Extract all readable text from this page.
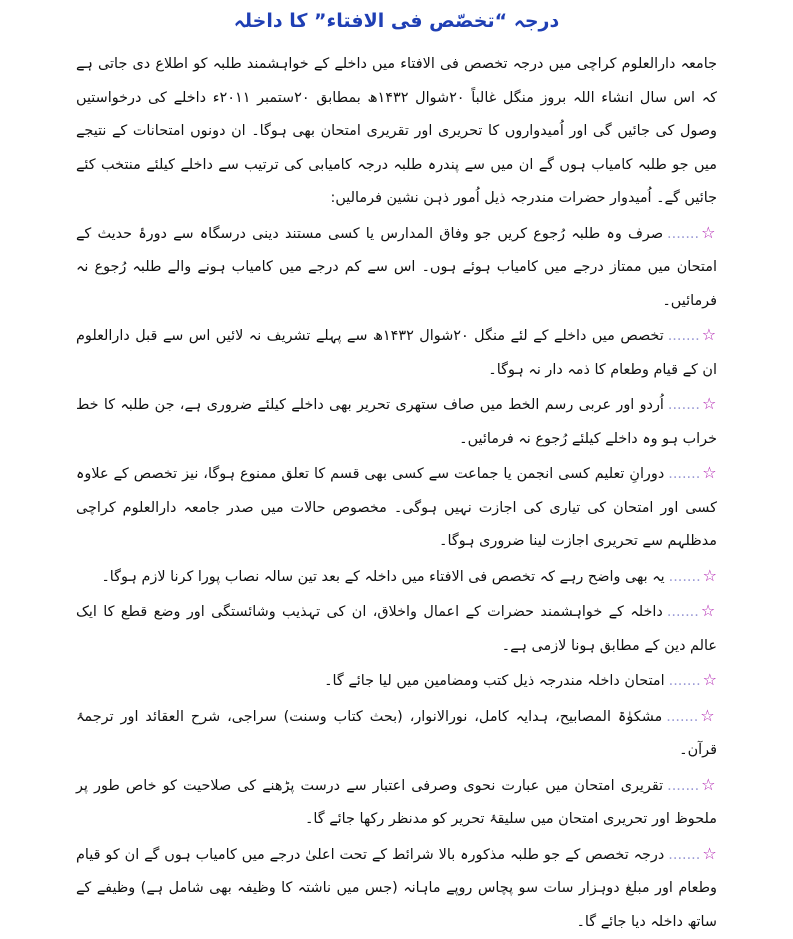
درجہ “تخصّص فی الافتاء” کا داخلہ

جامعہ دارالعلوم کراچی میں درجہ تخصص فی الافتاء میں داخلے کے خواہشمند طلبہ کو اطلاع دی جاتی ہے کہ اس سال انشاء اللہ بروز منگل غالباً ۲۰شوال ۱۴۳۲ھ بمطابق ۲۰ستمبر ۲۰۱۱ء داخلے کی درخواستیں وصول کی جائیں گی اور اُمیدواروں کا تحریری اور تقریری امتحان بھی ہوگا۔ ان دونوں امتحانات کے نتیجے میں جو طلبہ کامیاب ہوں گے ان میں سے پندرہ طلبہ درجہ کامیابی کی ترتیب سے داخلے کیلئے منتخب کئے جائیں گے۔ اُمیدوار حضرات مندرجہ ذیل اُمور ذہن نشین فرمالیں:

☆.......صرف وہ طلبہ رُجوع کریں جو وفاق المدارس یا کسی مستند دینی درسگاہ سے دورۂ حدیث کے امتحان میں ممتاز درجے میں کامیاب ہوئے ہوں۔ اس سے کم درجے میں کامیاب ہونے والے طلبہ رُجوع نہ فرمائیں۔

☆.......تخصص میں داخلے کے لئے منگل ۲۰شوال ۱۴۳۲ھ سے پہلے تشریف نہ لائیں اس سے قبل دارالعلوم ان کے قیام وطعام کا ذمہ دار نہ ہوگا۔

☆.......اُردو اور عربی رسم الخط میں صاف ستھری تحریر بھی داخلے کیلئے ضروری ہے، جن طلبہ کا خط خراب ہو وہ داخلے کیلئے رُجوع نہ فرمائیں۔

☆.......دورانِ تعلیم کسی انجمن یا جماعت سے کسی بھی قسم کا تعلق ممنوع ہوگا، نیز تخصص کے علاوہ کسی اور امتحان کی تیاری کی اجازت نہیں ہوگی۔ مخصوص حالات میں صدر جامعہ دارالعلوم کراچی مدظلہم سے تحریری اجازت لینا ضروری ہوگا۔

☆.......یہ بھی واضح رہے کہ تخصص فی الافتاء میں داخلہ کے بعد تین سالہ نصاب پورا کرنا لازم ہوگا۔

☆.......داخلہ کے خواہشمند حضرات کے اعمال واخلاق، ان کی تہذیب وشائستگی اور وضع قطع کا ایک عالم دین کے مطابق ہونا لازمی ہے۔

☆.......امتحان داخلہ مندرجہ ذیل کتب ومضامین میں لیا جائے گا۔

☆.......مشکوٰۃ المصابیح، ہدایہ کامل، نورالانوار، (بحث کتاب وسنت) سراجی، شرح العقائد اور ترجمۂ قرآن۔

☆.......تقریری امتحان میں عبارت نحوی وصرفی اعتبار سے درست پڑھنے کی صلاحیت کو خاص طور پر ملحوظ اور تحریری امتحان میں سلیقۂ تحریر کو مدنظر رکھا جائے گا۔

☆.......درجہ تخصص کے جو طلبہ مذکورہ بالا شرائط کے تحت اعلیٰ درجے میں کامیاب ہوں گے ان کو قیام وطعام اور مبلغ دوہزار سات سو پچاس روپے ماہانہ (جس میں ناشتہ کا وظیفہ بھی شامل ہے) وظیفے کے ساتھ داخلہ دیا جائے گا۔
